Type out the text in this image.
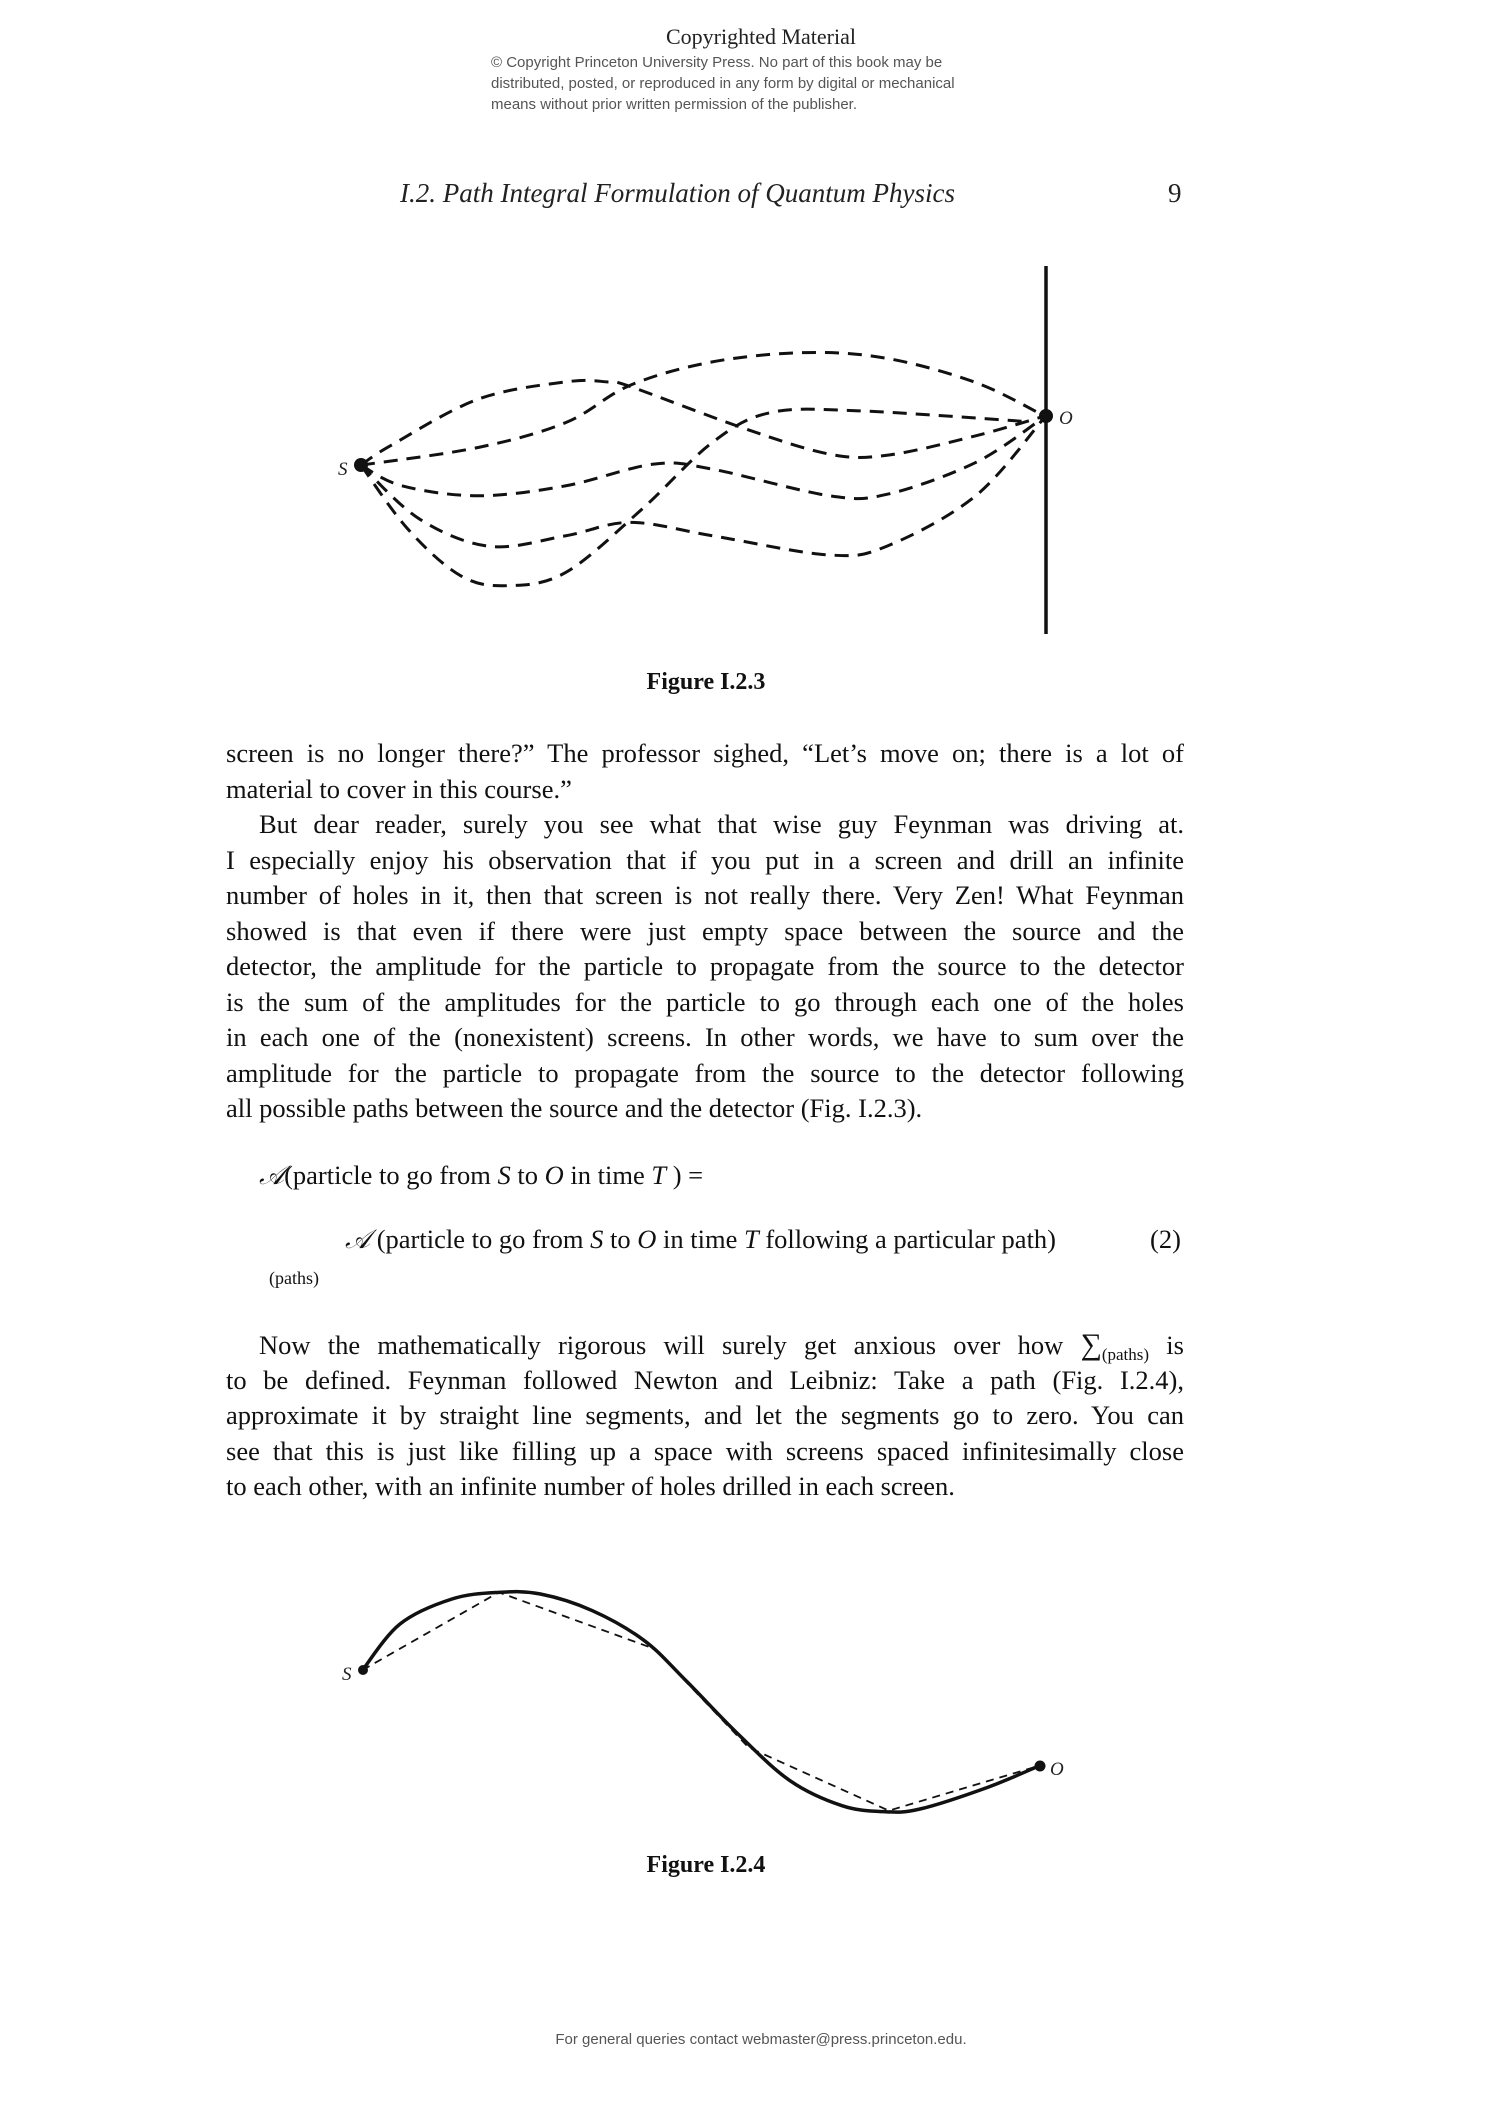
Copyrighted Material
© Copyright Princeton University Press. No part of this book may be
distributed, posted, or reproduced in any form by digital or mechanical
means without prior written permission of the publisher.
I.2. Path Integral Formulation of Quantum Physics	9
S
O
Figure I.2.3
screen is no longer there?” The professor sighed, “Let’s move on; there is a lot of
material to cover in this course.”
But dear reader, surely you see what that wise guy Feynman was driving at.
I especially enjoy his observation that if you put in a screen and drill an infinite
number of holes in it, then that screen is not really there. Very Zen! What Feynman
showed is that even if there were just empty space between the source and the
detector, the amplitude for the particle to propagate from the source to the detector
is the sum of the amplitudes for the particle to go through each one of the holes
in each one of the (nonexistent) screens. In other words, we have to sum over the
amplitude for the particle to propagate from the source to the detector following
all possible paths between the source and the detector (Fig. I.2.3).
𝒜(particle to go from S to O in time T ) =
𝒜 (particle to go from S to O in time T following a particular path)	(2)
(paths)
Now the mathematically rigorous will surely get anxious over how $\sum_{(paths)}$ is
to be defined. Feynman followed Newton and Leibniz: Take a path (Fig. I.2.4),
approximate it by straight line segments, and let the segments go to zero. You can
see that this is just like filling up a space with screens spaced infinitesimally close
to each other, with an infinite number of holes drilled in each screen.
S
O
Figure I.2.4
For general queries contact webmaster@press.princeton.edu.
